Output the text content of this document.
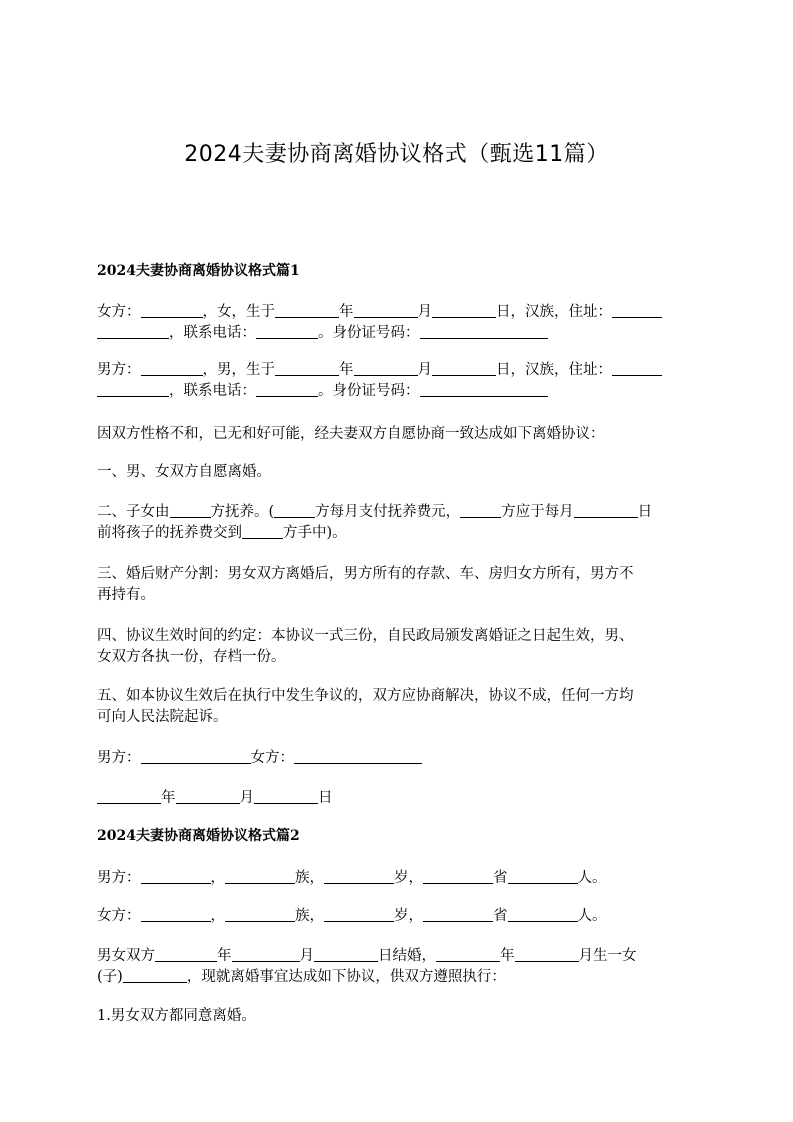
2024夫妻协商离婚协议格式（甄选11篇）
2024夫妻协商离婚协议格式篇1
女方：	，女，生于	年	月	日，汉族，住址：
，联系电话：	。身份证号码：
男方：	，男，生于	年	月	日，汉族，住址：
，联系电话：	。身份证号码：
因双方性格不和，已无和好可能，经夫妻双方自愿协商一致达成如下离婚协议：
一、男、女双方自愿离婚。
二、子女由	方抚养。(	方每月支付抚养费元，	方应于每月	日
前将孩子的抚养费交到	方手中)。
三、婚后财产分割：男女双方离婚后，男方所有的存款、车、房归女方所有，男方不
再持有。
四、协议生效时间的约定：本协议一式三份，自民政局颁发离婚证之日起生效，男、
女双方各执一份，存档一份。
五、如本协议生效后在执行中发生争议的，双方应协商解决，协议不成，任何一方均
可向人民法院起诉。
男方：	女方：
年	月	日
2024夫妻协商离婚协议格式篇2
男方：	，	族，	岁，	省	人。
女方：	，	族，	岁，	省	人。
男女双方	年	月	日结婚，	年	月生一女
(子)	，现就离婚事宜达成如下协议，供双方遵照执行：
1.男女双方都同意离婚。
